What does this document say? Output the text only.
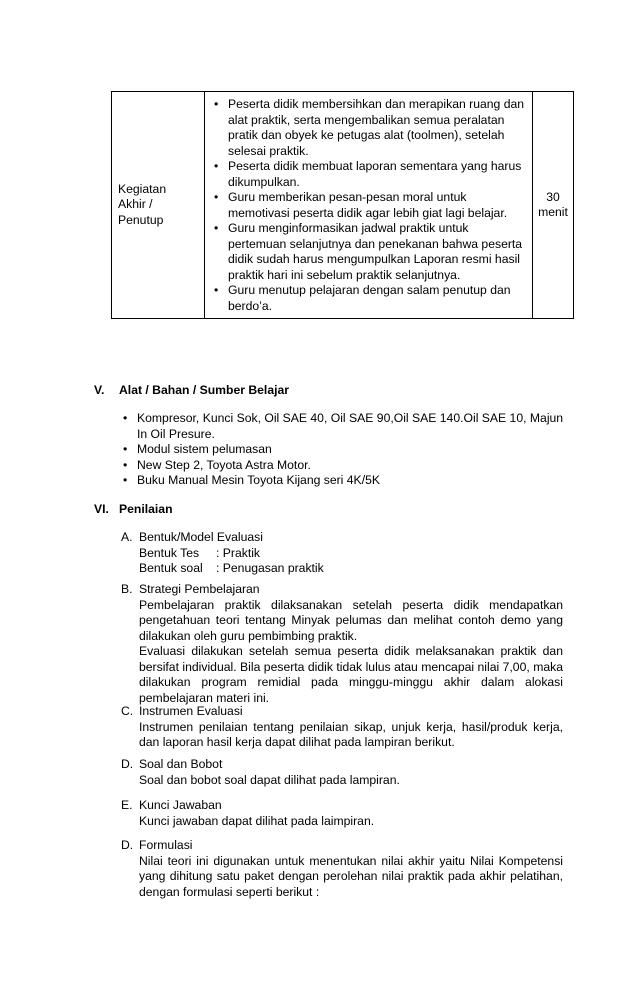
Kegiatan Akhir / Penutup

• Peserta didik membersihkan dan merapikan ruang dan alat praktik, serta mengembalikan semua peralatan pratik dan obyek ke petugas alat (toolmen), setelah selesai praktik.
• Peserta didik membuat laporan sementara yang harus dikumpulkan.
• Guru memberikan pesan-pesan moral untuk memotivasi peserta didik agar lebih giat lagi belajar.
• Guru menginformasikan jadwal praktik untuk pertemuan selanjutnya dan penekanan bahwa peserta didik sudah harus mengumpulkan Laporan resmi hasil praktik hari ini sebelum praktik selanjutnya.
• Guru menutup pelajaran dengan salam penutup dan berdo’a.
	30 menit
V. Alat / Bahan / Sumber Belajar
• Kompresor, Kunci Sok, Oil SAE 40, Oil SAE 90,Oil SAE 140.Oil SAE 10, Majun In Oil Presure.
• Modul sistem pelumasan
• New Step 2, Toyota Astra Motor.
• Buku Manual Mesin Toyota Kijang seri 4K/5K
VI. Penilaian
A. Bentuk/Model Evaluasi
Bentuk Tes : Praktik
Bentuk soal : Penugasan praktik
B. Strategi Pembelajaran
Pembelajaran praktik dilaksanakan setelah peserta didik mendapatkan pengetahuan teori tentang Minyak pelumas dan melihat contoh demo yang dilakukan oleh guru pembimbing praktik.
Evaluasi dilakukan setelah semua peserta didik melaksanakan praktik dan bersifat individual. Bila peserta didik tidak lulus atau mencapai nilai 7,00, maka dilakukan program remidial pada minggu-minggu akhir dalam alokasi pembelajaran materi ini.
C. Instrumen Evaluasi
Instrumen penilaian tentang penilaian sikap, unjuk kerja, hasil/produk kerja, dan laporan hasil kerja dapat dilihat pada lampiran berikut.
D. Soal dan Bobot
Soal dan bobot soal dapat dilihat pada lampiran.
E. Kunci Jawaban
Kunci jawaban dapat dilihat pada laimpiran.
D. Formulasi
Nilai teori ini digunakan untuk menentukan nilai akhir yaitu Nilai Kompetensi yang dihitung satu paket dengan perolehan nilai praktik pada akhir pelatihan, dengan formulasi seperti berikut :
